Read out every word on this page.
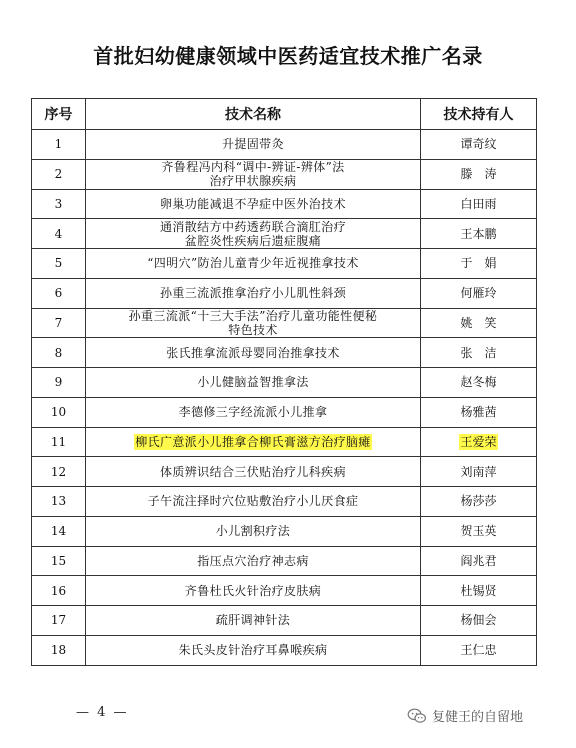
首批妇幼健康领域中医药适宜技术推广名录
序号	技术名称	技术持有人
1	升提固带灸	谭奇纹
2	齐鲁程冯内科“调中-辨证-辨体”法
治疗甲状腺疾病	滕　涛
3	卵巢功能减退不孕症中医外治技术	白田雨
4	通消散结方中药透药联合滴肛治疗
盆腔炎性疾病后遗症腹痛	王本鹏
5	“四明穴”防治儿童青少年近视推拿技术	于　娟
6	孙重三流派推拿治疗小儿肌性斜颈	何雁玲
7	孙重三流派“十三大手法”治疗儿童功能性便秘
特色技术	姚　笑
8	张氏推拿流派母婴同治推拿技术	张　洁
9	小儿健脑益智推拿法	赵冬梅
10	李德修三字经流派小儿推拿	杨雅茜
11	柳氏广意派小儿推拿合柳氏膏滋方治疗脑瘫	王爱荣
12	体质辨识结合三伏贴治疗儿科疾病	刘南萍
13	子午流注择时穴位贴敷治疗小儿厌食症	杨莎莎
14	小儿割积疗法	贺玉英
15	指压点穴治疗神志病	阎兆君
16	齐鲁杜氏火针治疗皮肤病	杜锡贤
17	疏肝调神针法	杨佃会
18	朱氏头皮针治疗耳鼻喉疾病	王仁忠
— 4 —	复健王的自留地
